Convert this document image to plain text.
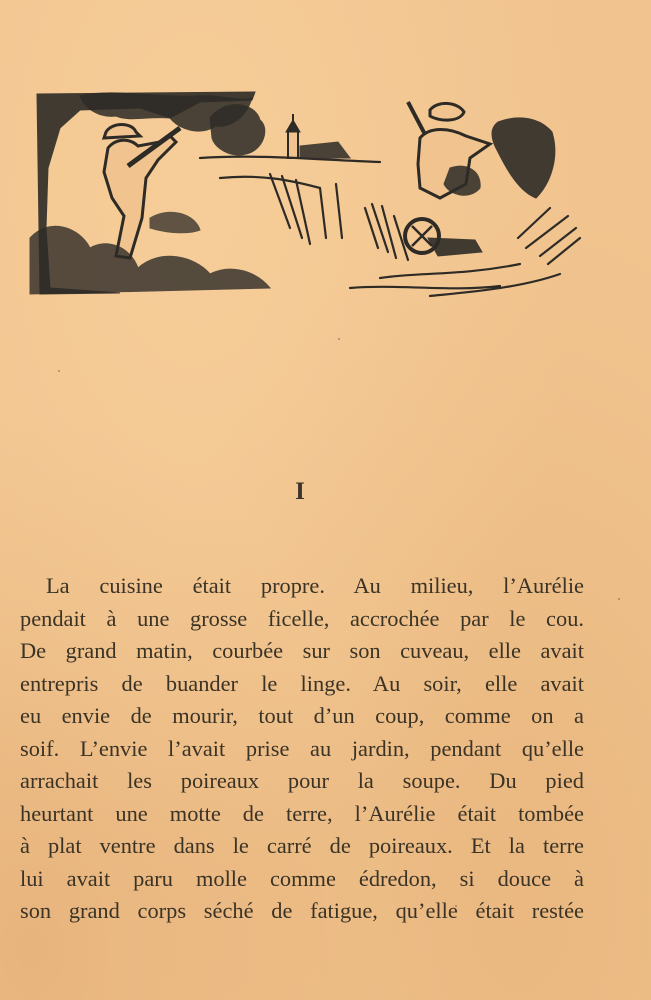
I
La cuisine était propre. Au milieu, l’Aurélie
pendait à une grosse ficelle, accrochée par le cou.
De grand matin, courbée sur son cuveau, elle avait
entrepris de buander le linge. Au soir, elle avait
eu envie de mourir, tout d’un coup, comme on a
soif. L’envie l’avait prise au jardin, pendant qu’elle
arrachait les poireaux pour la soupe. Du pied
heurtant une motte de terre, l’Aurélie était tombée
à plat ventre dans le carré de poireaux. Et la terre
lui avait paru molle comme édredon, si douce à
son grand corps séché de fatigue, qu’elle était restée
